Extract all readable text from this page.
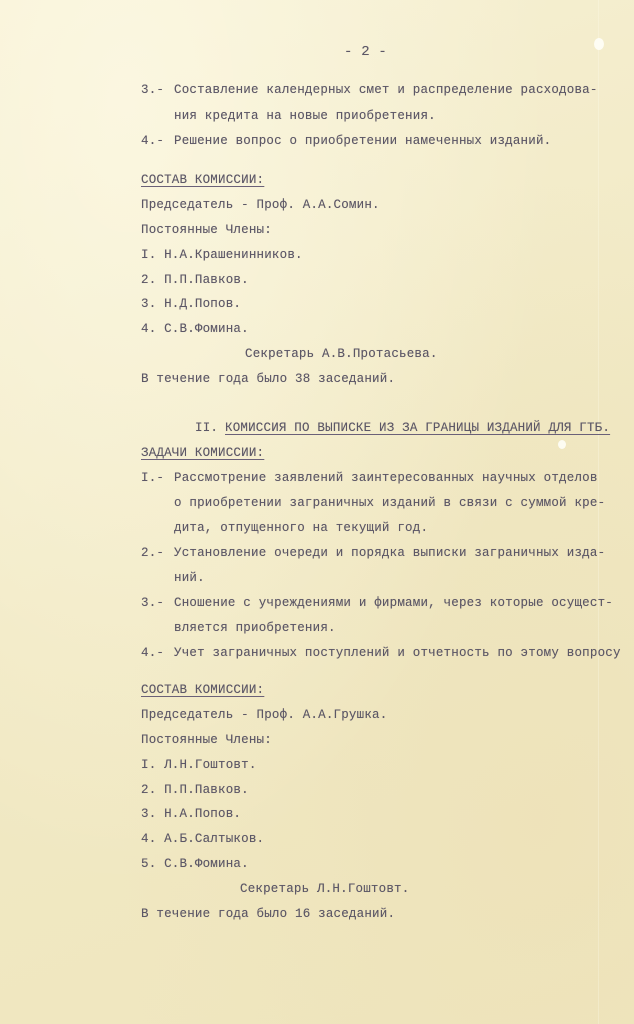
- 2 -
3.- Составление календерных смет и распределение расходова-
ния кредита на новые приобретения.
4.- Решение вопрос о приобретении намеченных изданий.
СОСТАВ КОМИССИИ:
Председатель - Проф. А.А.Сомин.
Постоянные Члены:
I. Н.А.Крашенинников.
2. П.П.Павков.
3. Н.Д.Попов.
4. С.В.Фомина.
Секретарь А.В.Протасьева.
В течение года было 38 заседаний.
II. КОМИССИЯ ПО ВЫПИСКЕ ИЗ ЗА ГРАНИЦЫ ИЗДАНИЙ ДЛЯ ГТБ.
ЗАДАЧИ КОМИССИИ:
I.- Рассмотрение заявлений заинтересованных научных отделов
о приобретении заграничных изданий в связи с суммой кре-
дита, отпущенного на текущий год.
2.- Установление очереди и порядка выписки заграничных изда-
ний.
3.- Сношение с учреждениями и фирмами, через которые осущест-
вляется приобретения.
4.- Учет заграничных поступлений и отчетность по этому вопросу
СОСТАВ КОМИССИИ:
Председатель - Проф. А.А.Грушка.
Постоянные Члены:
I. Л.Н.Гоштовт.
2. П.П.Павков.
3. Н.А.Попов.
4. А.Б.Салтыков.
5. С.В.Фомина.
Секретарь Л.Н.Гоштовт.
В течение года было 16 заседаний.
